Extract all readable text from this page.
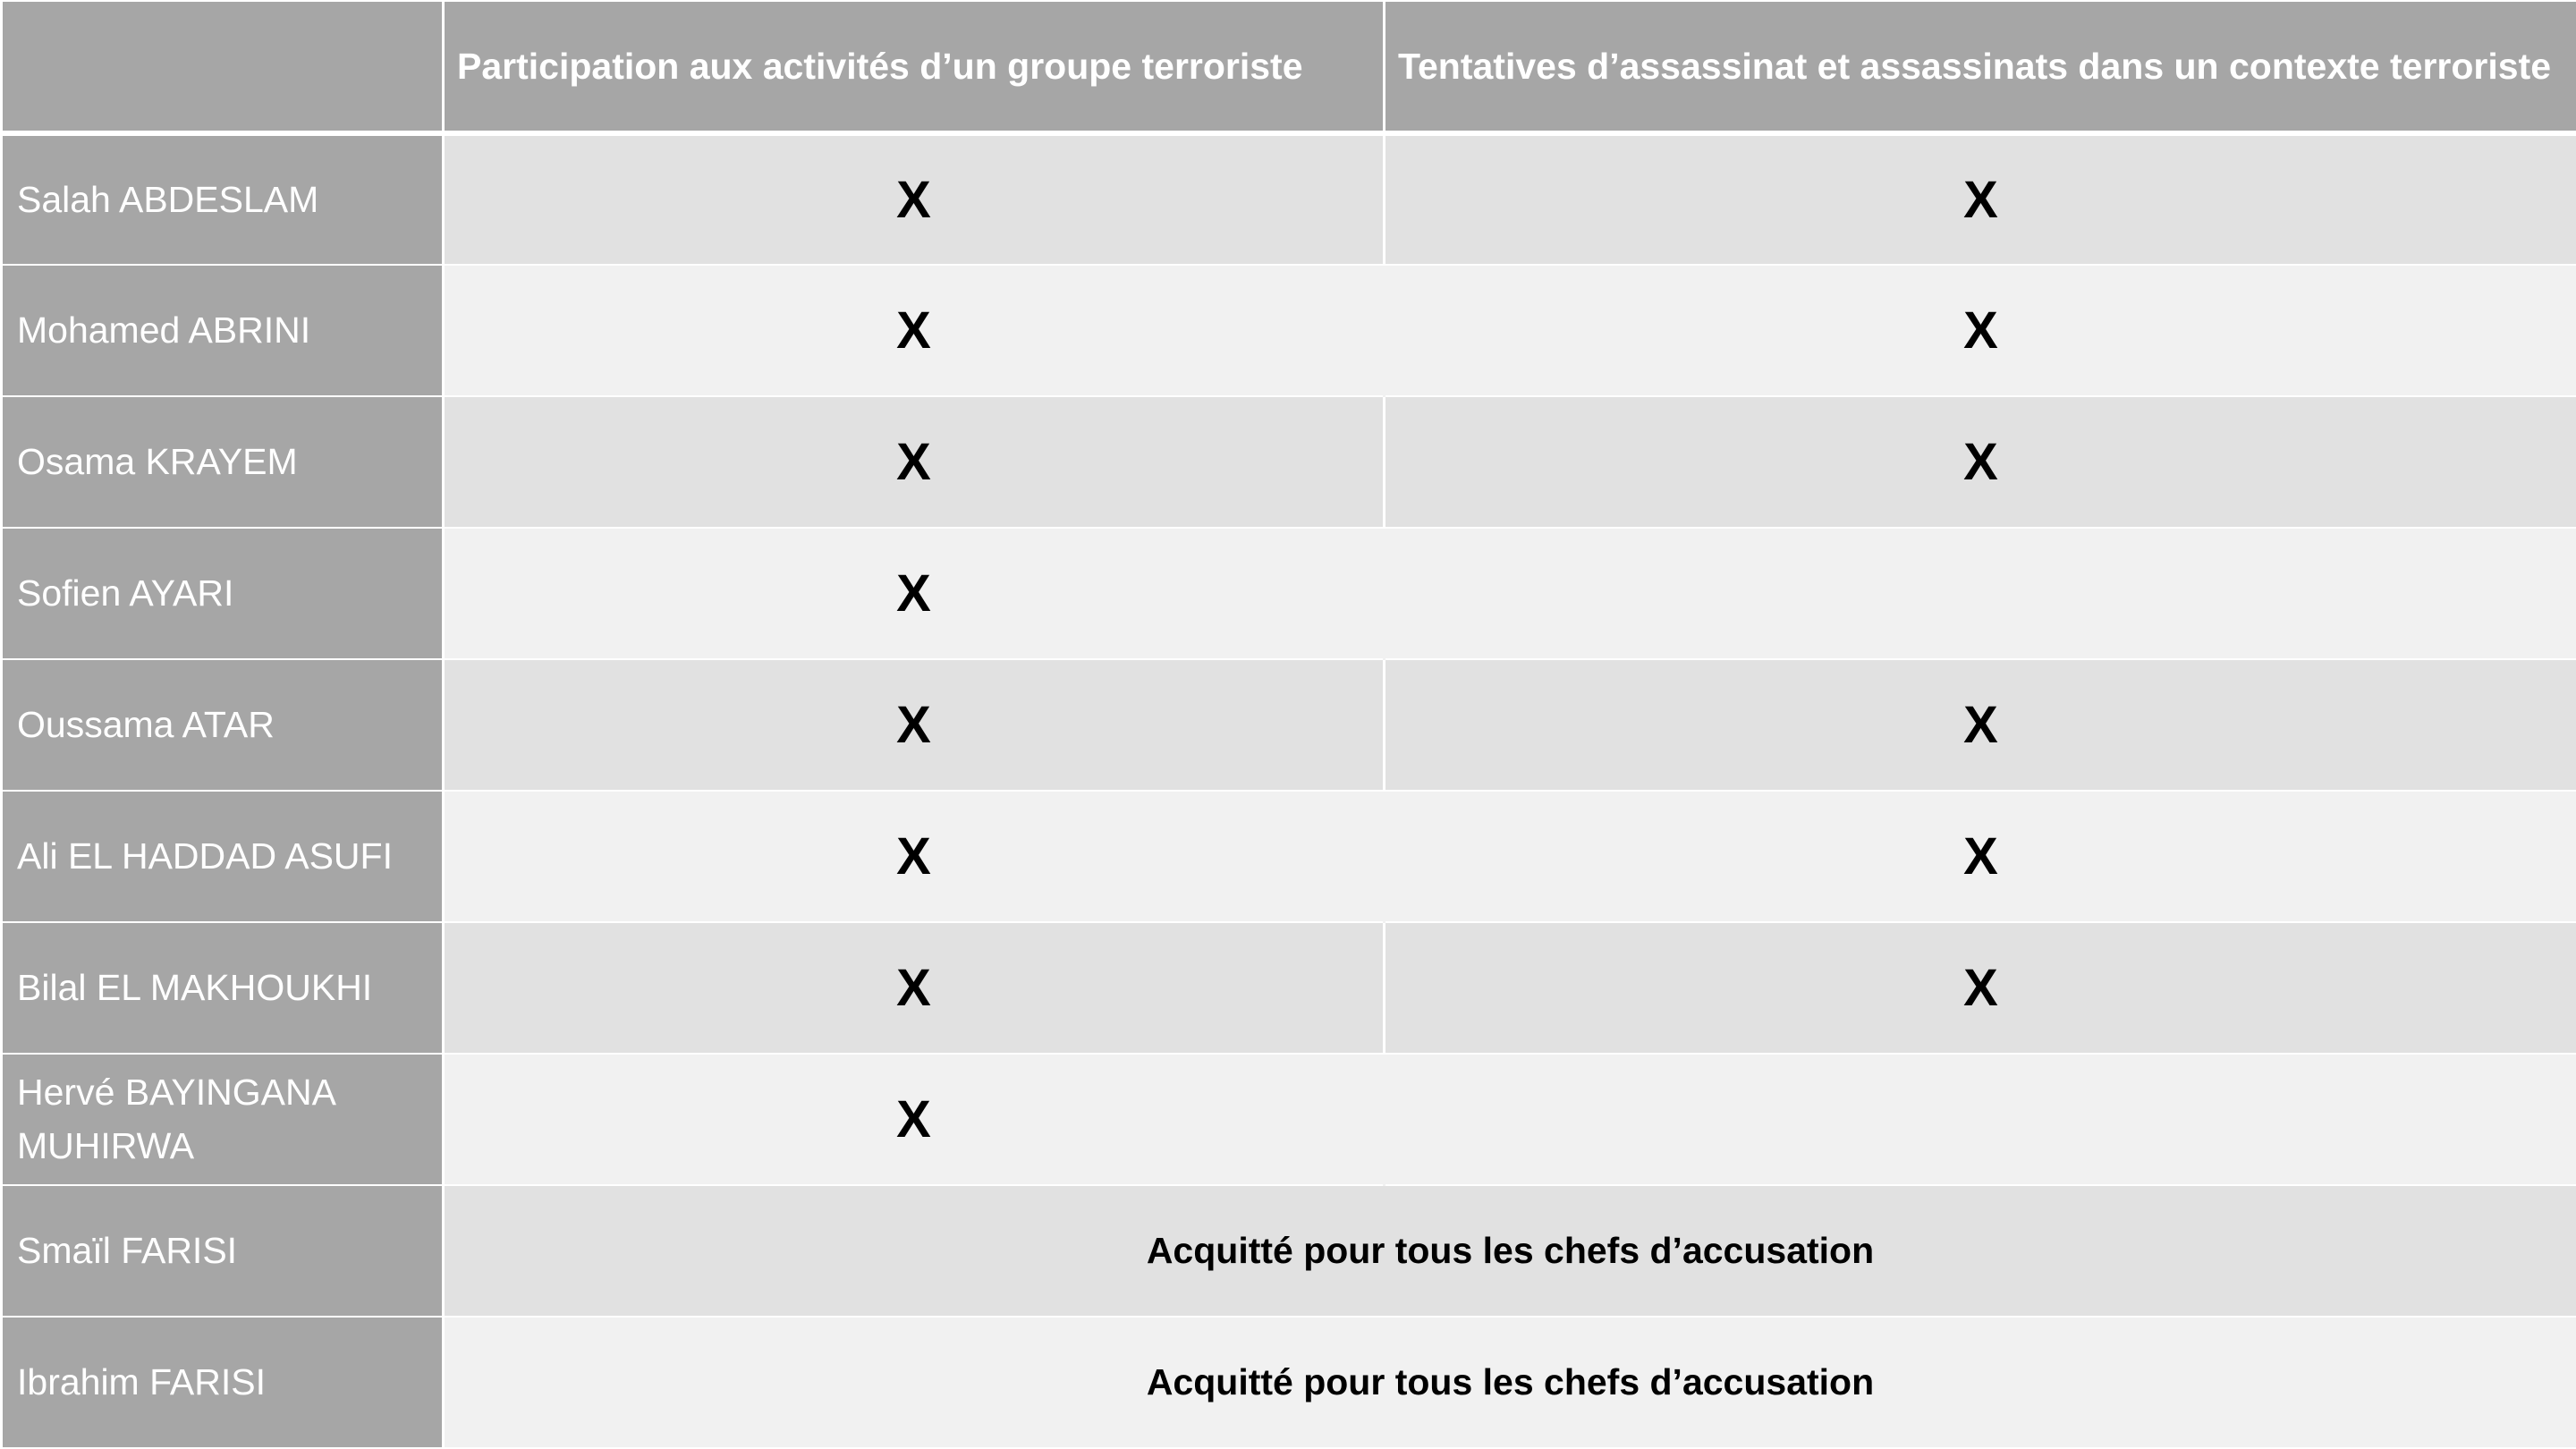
	Participation aux activités d’un groupe terroriste	Tentatives d’assassinat et assassinats dans un contexte terroriste
Salah ABDESLAM	X	X
Mohamed ABRINI	X	X
Osama KRAYEM	X	X
Sofien AYARI	X	
Oussama ATAR	X	X
Ali EL HADDAD ASUFI	X	X
Bilal EL MAKHOUKHI	X	X
Hervé BAYINGANA MUHIRWA	X	
Smaïl FARISI	Acquitté pour tous les chefs d’accusation	
Ibrahim FARISI	Acquitté pour tous les chefs d’accusation	
